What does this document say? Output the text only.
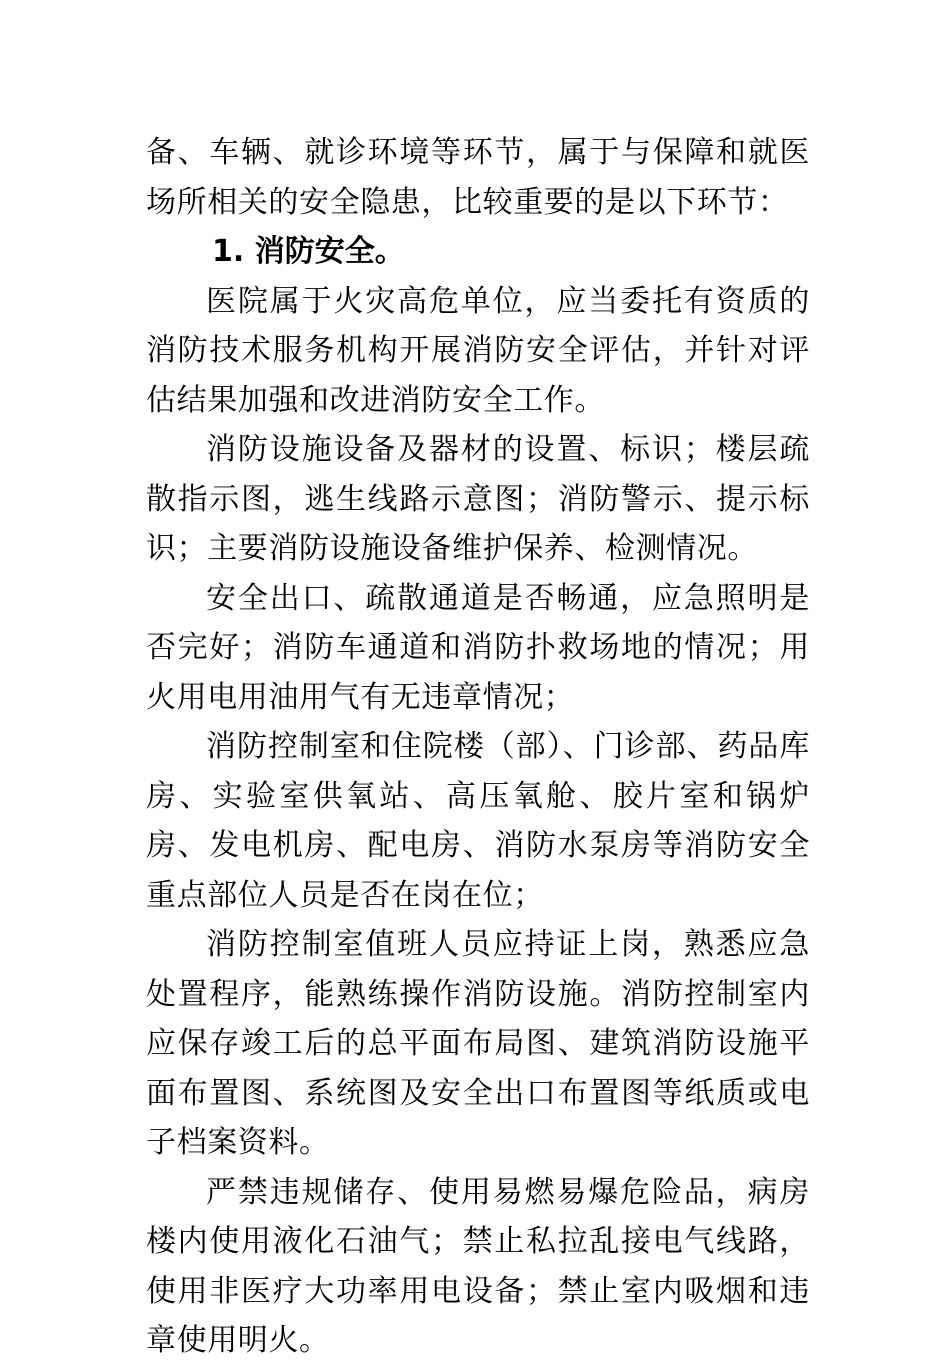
备、车辆、就诊环境等环节，属于与保障和就医场所相关的安全隐患，比较重要的是以下环节：

1. 消防安全。

医院属于火灾高危单位，应当委托有资质的消防技术服务机构开展消防安全评估，并针对评估结果加强和改进消防安全工作。

消防设施设备及器材的设置、标识；楼层疏散指示图，逃生线路示意图；消防警示、提示标识；主要消防设施设备维护保养、检测情况。

安全出口、疏散通道是否畅通，应急照明是否完好；消防车通道和消防扑救场地的情况；用火用电用油用气有无违章情况；

消防控制室和住院楼（部）、门诊部、药品库房、实验室供氧站、高压氧舱、胶片室和锅炉房、发电机房、配电房、消防水泵房等消防安全重点部位人员是否在岗在位；

消防控制室值班人员应持证上岗，熟悉应急处置程序，能熟练操作消防设施。消防控制室内应保存竣工后的总平面布局图、建筑消防设施平面布置图、系统图及安全出口布置图等纸质或电子档案资料。

严禁违规储存、使用易燃易爆危险品，病房楼内使用液化石油气；禁止私拉乱接电气线路，使用非医疗大功率用电设备；禁止室内吸烟和违章使用明火。
